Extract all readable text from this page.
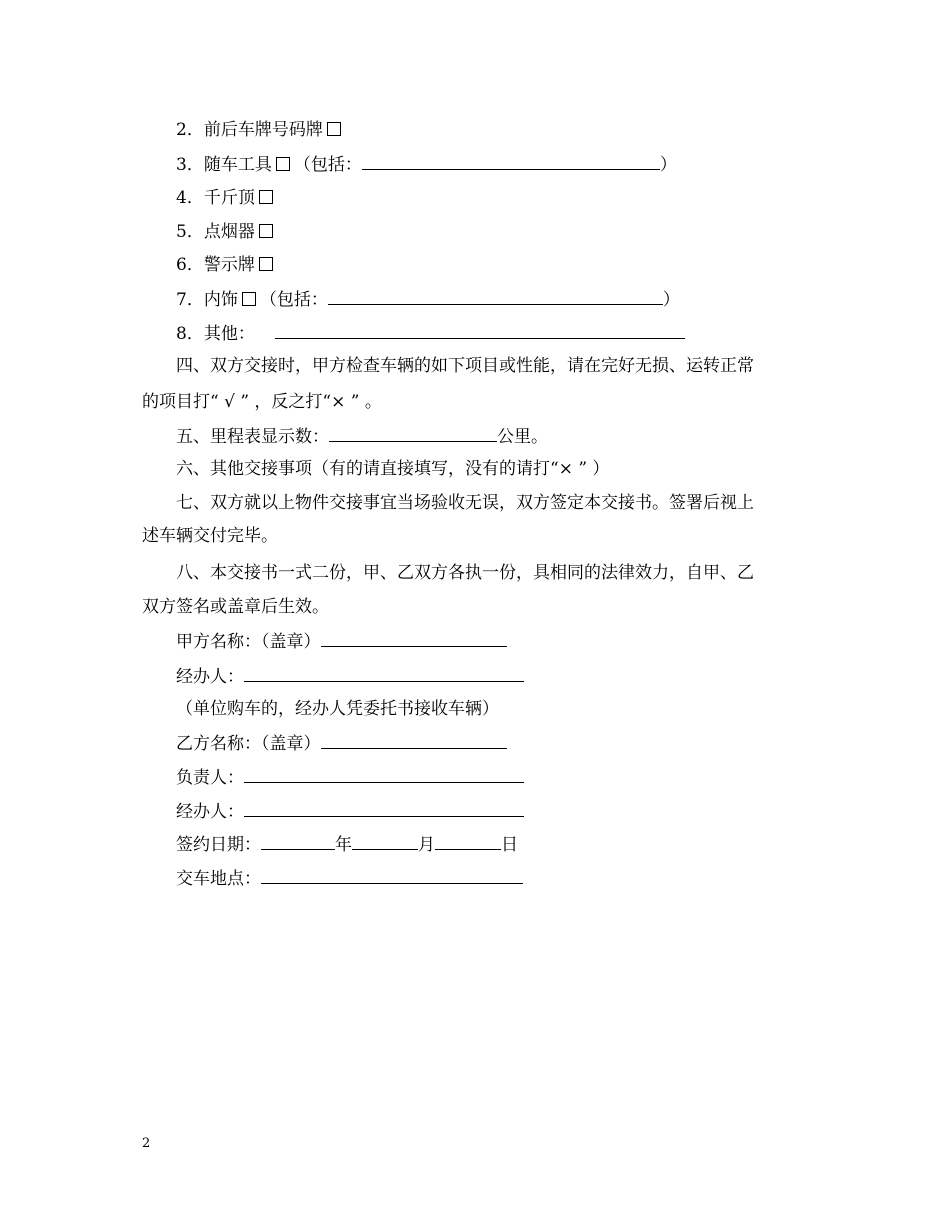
2．前后车牌号码牌
3．随车工具 （包括：	）
4．千斤顶
5．点烟器
6．警示牌
7．内饰 （包括：	）
8．其他：
四、双方交接时，甲方检查车辆的如下项目或性能，请在完好无损、运转正常
的项目打“ √ ” ，反之打“× ” 。
五、里程表显示数：	公里。
六、其他交接事项（有的请直接填写，没有的请打“× ” ）
七、双方就以上物件交接事宜当场验收无误，双方签定本交接书。签署后视上
述车辆交付完毕。
八、本交接书一式二份，甲、乙双方各执一份，具相同的法律效力，自甲、乙
双方签名或盖章后生效。
甲方名称：（盖章）
经办人：
（单位购车的，经办人凭委托书接收车辆）
乙方名称：（盖章）
负责人：
经办人：
签约日期：	年	月	日
交车地点：
2
